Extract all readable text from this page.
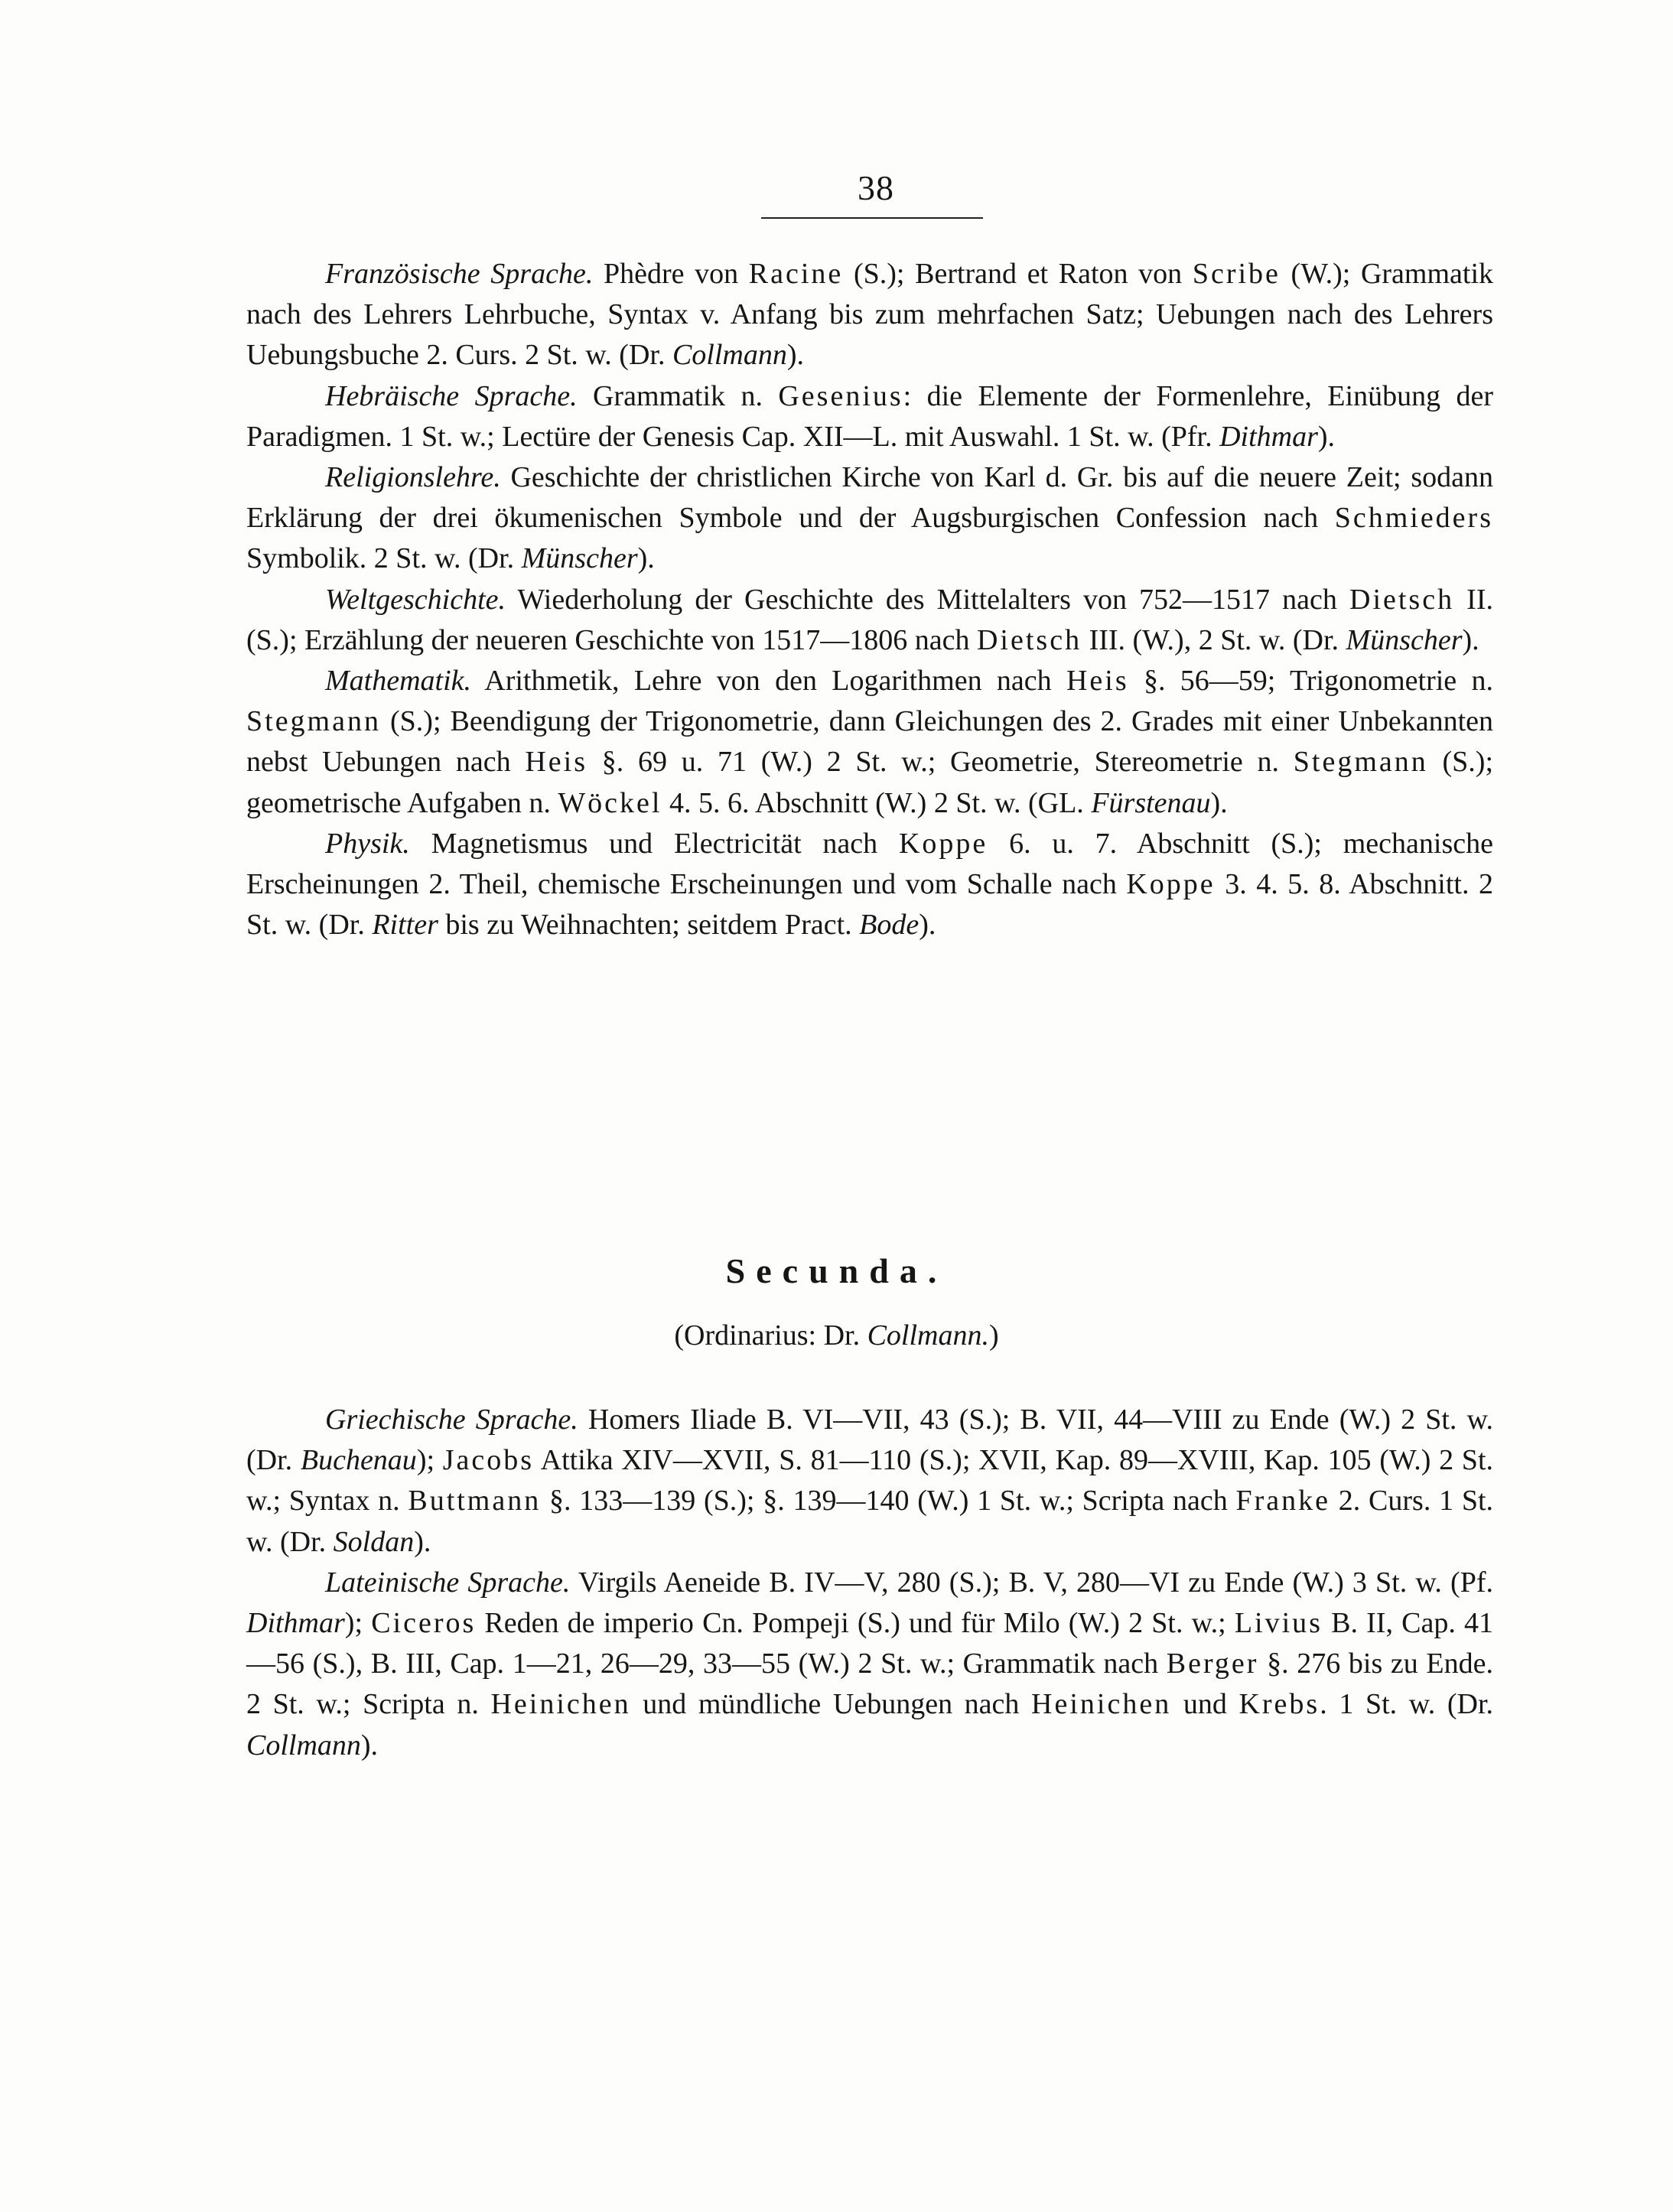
38

Französische Sprache. Phèdre von Racine (S.); Bertrand et Raton von Scribe (W.); Grammatik nach des Lehrers Lehrbuche, Syntax v. Anfang bis zum mehrfachen Satz; Uebungen nach des Lehrers Uebungsbuche 2. Curs. 2 St. w. (Dr. Collmann).

Hebräische Sprache. Grammatik n. Gesenius: die Elemente der Formenlehre, Einübung der Paradigmen. 1 St. w.; Lectüre der Genesis Cap. XII—L. mit Auswahl. 1 St. w. (Pfr. Dithmar).

Religionslehre. Geschichte der christlichen Kirche von Karl d. Gr. bis auf die neuere Zeit; sodann Erklärung der drei ökumenischen Symbole und der Augsburgischen Confession nach Schmieders Symbolik. 2 St. w. (Dr. Münscher).

Weltgeschichte. Wiederholung der Geschichte des Mittelalters von 752—1517 nach Dietsch II. (S.); Erzählung der neueren Geschichte von 1517—1806 nach Dietsch III. (W.), 2 St. w. (Dr. Münscher).

Mathematik. Arithmetik, Lehre von den Logarithmen nach Heis §. 56—59; Trigonometrie n. Stegmann (S.); Beendigung der Trigonometrie, dann Gleichungen des 2. Grades mit einer Unbekannten nebst Uebungen nach Heis §. 69 u. 71 (W.) 2 St. w.; Geometrie, Stereometrie n. Stegmann (S.); geometrische Aufgaben n. Wöckel 4. 5. 6. Abschnitt (W.) 2 St. w. (GL. Fürstenau).

Physik. Magnetismus und Electricität nach Koppe 6. u. 7. Abschnitt (S.); mechanische Erscheinungen 2. Theil, chemische Erscheinungen und vom Schalle nach Koppe 3. 4. 5. 8. Abschnitt. 2 St. w. (Dr. Ritter bis zu Weihnachten; seitdem Pract. Bode).

Secunda.
(Ordinarius: Dr. Collmann.)

Griechische Sprache. Homers Iliade B. VI—VII, 43 (S.); B. VII, 44—VIII zu Ende (W.) 2 St. w. (Dr. Buchenau); Jacobs Attika XIV—XVII, S. 81—110 (S.); XVII, Kap. 89—XVIII, Kap. 105 (W.) 2 St. w.; Syntax n. Buttmann §. 133—139 (S.); §. 139—140 (W.) 1 St. w.; Scripta nach Franke 2. Curs. 1 St. w. (Dr. Soldan).

Lateinische Sprache. Virgils Aeneide B. IV—V, 280 (S.); B. V, 280—VI zu Ende (W.) 3 St. w. (Pf. Dithmar); Ciceros Reden de imperio Cn. Pompeji (S.) und für Milo (W.) 2 St. w.; Livius B. II, Cap. 41—56 (S.), B. III, Cap. 1—21, 26—29, 33—55 (W.) 2 St. w.; Grammatik nach Berger §. 276 bis zu Ende. 2 St. w.; Scripta n. Heinichen und mündliche Uebungen nach Heinichen und Krebs. 1 St. w. (Dr. Collmann).
